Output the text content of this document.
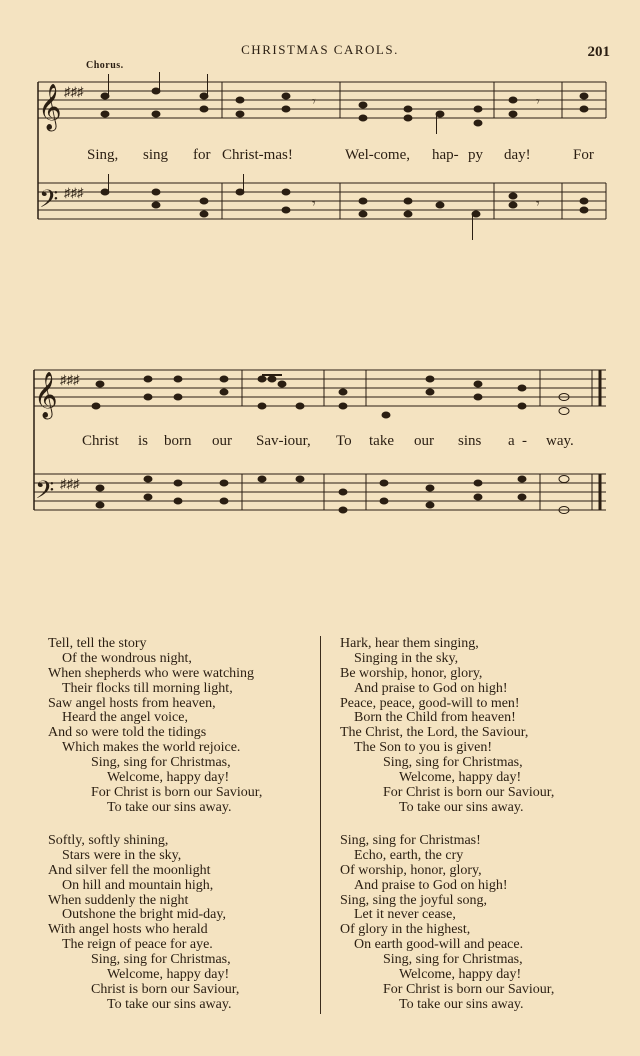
CHRISTMAS CAROLS.	201
Chorus.
𝄞
𝄢
♯♯♯
♯♯♯
𝄾
𝄾
𝄾
𝄾
Sing, sing for Christ-mas!	Wel-come, hap- py day!	For
𝄞
𝄢
♯♯♯
♯♯♯
Christ is born our Sav-iour, To take our sins a - way.
Tell, tell the story
Of the wondrous night,
When shepherds who were watching
Their flocks till morning light,
Saw angel hosts from heaven,
Heard the angel voice,
And so were told the tidings
Which makes the world rejoice.
Sing, sing for Christmas,
Welcome, happy day!
For Christ is born our Saviour,
To take our sins away.
Softly, softly shining,
Stars were in the sky,
And silver fell the moonlight
On hill and mountain high,
When suddenly the night
Outshone the bright mid-day,
With angel hosts who herald
The reign of peace for aye.
Sing, sing for Christmas,
Welcome, happy day!
Christ is born our Saviour,
To take our sins away.
Hark, hear them singing,
Singing in the sky,
Be worship, honor, glory,
And praise to God on high!
Peace, peace, good-will to men!
Born the Child from heaven!
The Christ, the Lord, the Saviour,
The Son to you is given!
Sing, sing for Christmas,
Welcome, happy day!
For Christ is born our Saviour,
To take our sins away.
Sing, sing for Christmas!
Echo, earth, the cry
Of worship, honor, glory,
And praise to God on high!
Sing, sing the joyful song,
Let it never cease,
Of glory in the highest,
On earth good-will and peace.
Sing, sing for Christmas,
Welcome, happy day!
For Christ is born our Saviour,
To take our sins away.
